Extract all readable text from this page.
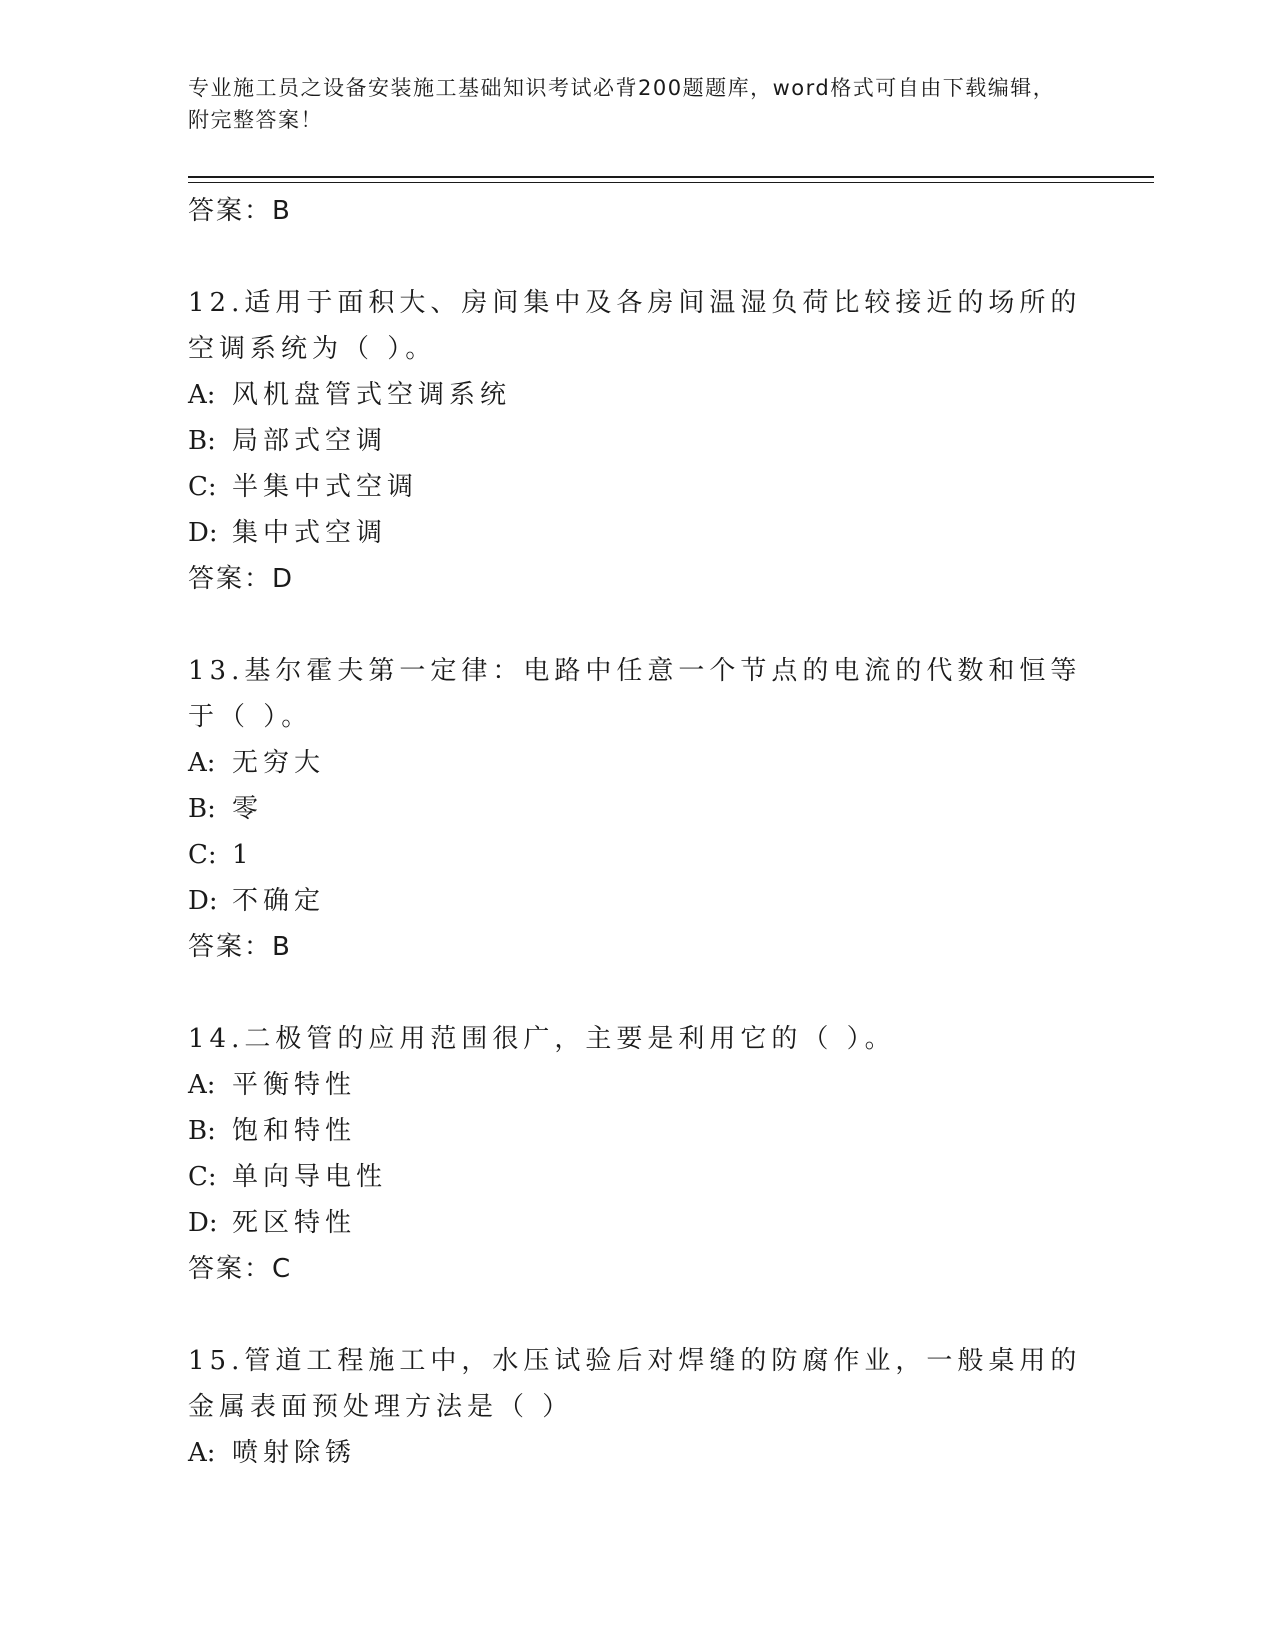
专业施工员之设备安装施工基础知识考试必背200题题库，word格式可自由下载编辑，附完整答案！

答案：B

12.适用于面积大、房间集中及各房间温湿负荷比较接近的场所的空调系统为（ ）。

A: 风机盘管式空调系统

B: 局部式空调

C: 半集中式空调

D: 集中式空调

答案：D

13.基尔霍夫第一定律：电路中任意一个节点的电流的代数和恒等于（ ）。

A: 无穷大

B: 零

C: 1

D: 不确定

答案：B

14.二极管的应用范围很广，主要是利用它的（ ）。

A: 平衡特性

B: 饱和特性

C: 单向导电性

D: 死区特性

答案：C

15.管道工程施工中，水压试验后对焊缝的防腐作业，一般桌用的金属表面预处理方法是（ ）

A: 喷射除锈
